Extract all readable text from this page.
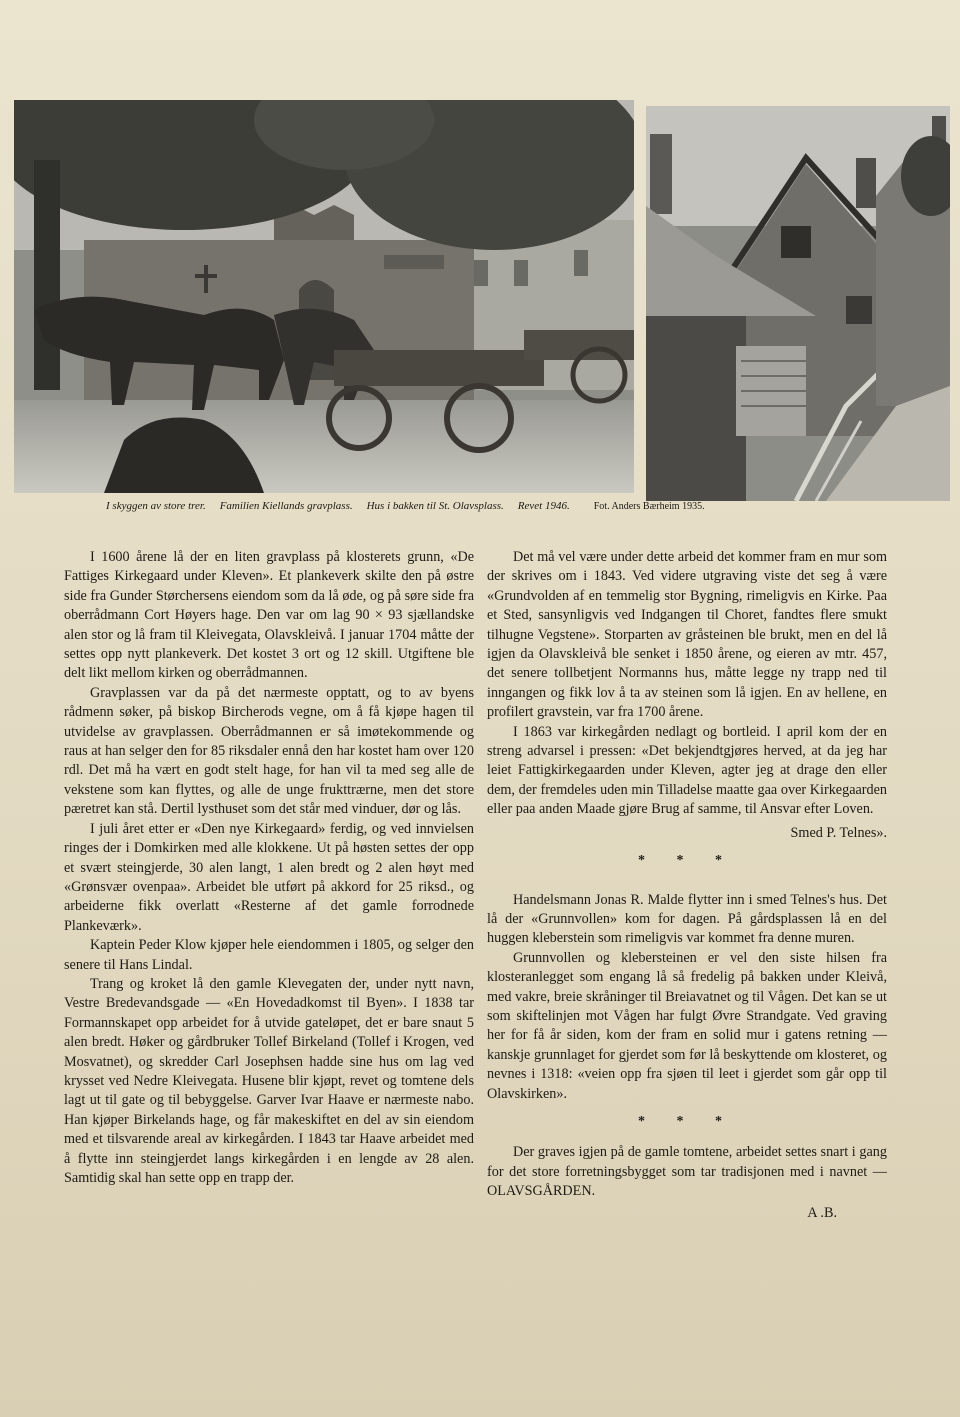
I skyggen av store trer. Familien Kiellands gravplass. Hus i bakken til St. Olavsplass. Revet 1946. Fot. Anders Bærheim 1935.

I 1600 årene lå der en liten gravplass på klosterets grunn, «De Fattiges Kirkegaard under Kleven». Et plankeverk skilte den på østre side fra Gunder Størchersens eiendom som da lå øde, og på søre side fra oberrådmann Cort Høyers hage. Den var om lag 90 × 93 sjællandske alen stor og lå fram til Kleivegata, Olavskleivå. I januar 1704 måtte der settes opp nytt plankeverk. Det kostet 3 ort og 12 skill. Utgiftene ble delt likt mellom kirken og oberrådmannen.

Gravplassen var da på det nærmeste opptatt, og to av byens rådmenn søker, på biskop Bircherods vegne, om å få kjøpe hagen til utvidelse av gravplassen. Oberrådmannen er så imøtekommende og raus at han selger den for 85 riksdaler ennå den har kostet ham over 120 rdl. Det må ha vært en godt stelt hage, for han vil ta med seg alle de vekstene som kan flyttes, og alle de unge frukttrærne, men det store pæretret kan stå. Dertil lysthuset som det står med vinduer, dør og lås.

I juli året etter er «Den nye Kirkegaard» ferdig, og ved innvielsen ringes der i Domkirken med alle klokkene. Ut på høsten settes der opp et svært steingjerde, 30 alen langt, 1 alen bredt og 2 alen høyt med «Grønsvær ovenpaa». Arbeidet ble utført på akkord for 25 riksd., og arbeiderne fikk overlatt «Resterne af det gamle forrodnede Plankeværk».

Kaptein Peder Klow kjøper hele eiendommen i 1805, og selger den senere til Hans Lindal.

Trang og kroket lå den gamle Klevegaten der, under nytt navn, Vestre Bredevandsgade — «En Hovedadkomst til Byen». I 1838 tar Formannskapet opp arbeidet for å utvide gateløpet, det er bare snaut 5 alen bredt. Høker og gårdbruker Tollef Birkeland (Tollef i Krogen, ved Mosvatnet), og skredder Carl Josephsen hadde sine hus om lag ved krysset ved Nedre Kleivegata. Husene blir kjøpt, revet og tomtene dels lagt ut til gate og til bebyggelse. Garver Ivar Haave er nærmeste nabo. Han kjøper Birkelands hage, og får makeskiftet en del av sin eiendom med et tilsvarende areal av kirkegården. I 1843 tar Haave arbeidet med å flytte inn steingjerdet langs kirkegården i en lengde av 28 alen. Samtidig skal han sette opp en trapp der.

Det må vel være under dette arbeid det kommer fram en mur som der skrives om i 1843. Ved videre utgraving viste det seg å være «Grundvolden af en temmelig stor Bygning, rimeligvis en Kirke. Paa et Sted, sansynligvis ved Indgangen til Choret, fandtes flere smukt tilhugne Vegstene». Storparten av gråsteinen ble brukt, men en del lå igjen da Olavskleivå ble senket i 1850 årene, og eieren av mtr. 457, det senere tollbetjent Normanns hus, måtte legge ny trapp ned til inngangen og fikk lov å ta av steinen som lå igjen. En av hellene, en profilert gravstein, var fra 1700 årene.

I 1863 var kirkegården nedlagt og bortleid. I april kom der en streng advarsel i pressen: «Det bekjendtgjøres herved, at da jeg har leiet Fattigkirkegaarden under Kleven, agter jeg at drage den eller dem, der fremdeles uden min Tilladelse maatte gaa over Kirkegaarden eller paa anden Maade gjøre Brug af samme, til Ansvar efter Loven.

Smed P. Telnes».

* * *

Handelsmann Jonas R. Malde flytter inn i smed Telnes's hus. Det lå der «Grunnvollen» kom for dagen. På gårdsplassen lå en del huggen kleberstein som rimeligvis var kommet fra denne muren.

Grunnvollen og klebersteinen er vel den siste hilsen fra klosteranlegget som engang lå så fredelig på bakken under Kleivå, med vakre, breie skråninger til Breiavatnet og til Vågen. Det kan se ut som skiftelinjen mot Vågen har fulgt Øvre Strandgate. Ved graving her for få år siden, kom der fram en solid mur i gatens retning — kanskje grunnlaget for gjerdet som før lå beskyttende om klosteret, og nevnes i 1318: «veien opp fra sjøen til leet i gjerdet som går opp til Olavskirken».

* * *

Der graves igjen på de gamle tomtene, arbeidet settes snart i gang for det store forretningsbygget som tar tradisjonen med i navnet — OLAVSGÅRDEN.

A .B.
